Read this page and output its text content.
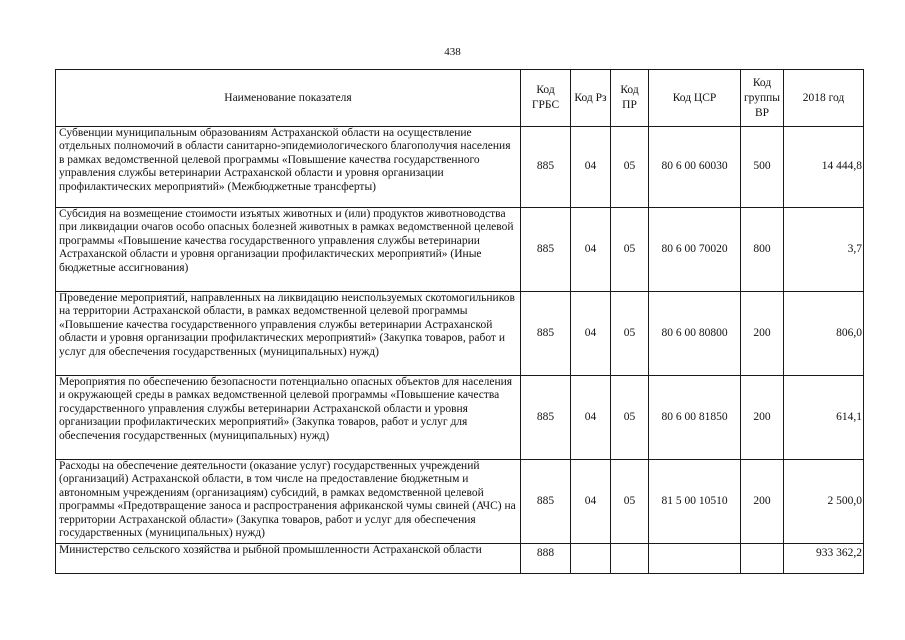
438
Наименование показателя	Код ГРБС	Код Рз	Код ПР	Код ЦСР	Код группы ВР	2018 год
Субвенции муниципальным образованиям Астраханской области на осуществление отдельных полномочий в области санитарно-эпидемиологического благополучия населения в рамках ведомственной целевой программы «Повышение качества государственного управления службы ветеринарии Астраханской области и уровня организации профилактических мероприятий» (Межбюджетные трансферты)	885	04	05	80 6 00 60030	500	14 444,8
Субсидия на возмещение стоимости изъятых животных и (или) продуктов животноводства при ликвидации очагов особо опасных болезней животных в рамках ведомственной целевой программы «Повышение качества государственного управления службы ветеринарии Астраханской области и уровня организации профилактических мероприятий» (Иные бюджетные ассигнования)	885	04	05	80 6 00 70020	800	3,7
Проведение мероприятий, направленных на ликвидацию неиспользуемых скотомогильников на территории Астраханской области, в рамках ведомственной целевой программы «Повышение качества государственного управления службы ветеринарии Астраханской области и уровня организации профилактических мероприятий» (Закупка товаров, работ и услуг для обеспечения государственных (муниципальных) нужд)	885	04	05	80 6 00 80800	200	806,0
Мероприятия по обеспечению безопасности потенциально опасных объектов для населения и окружающей среды в рамках ведомственной целевой программы «Повышение качества государственного управления службы ветеринарии Астраханской области и уровня организации профилактических мероприятий» (Закупка товаров, работ и услуг для обеспечения государственных (муниципальных) нужд)	885	04	05	80 6 00 81850	200	614,1
Расходы на обеспечение деятельности (оказание услуг) государственных учреждений (организаций) Астраханской области, в том числе на предоставление бюджетным и автономным учреждениям (организациям) субсидий, в рамках ведомственной целевой программы «Предотвращение заноса и распространения африканской чумы свиней (АЧС) на территории Астраханской области» (Закупка товаров, работ и услуг для обеспечения государственных (муниципальных) нужд)	885	04	05	81 5 00 10510	200	2 500,0
Министерство сельского хозяйства и рыбной промышленности Астраханской области	888					933 362,2
